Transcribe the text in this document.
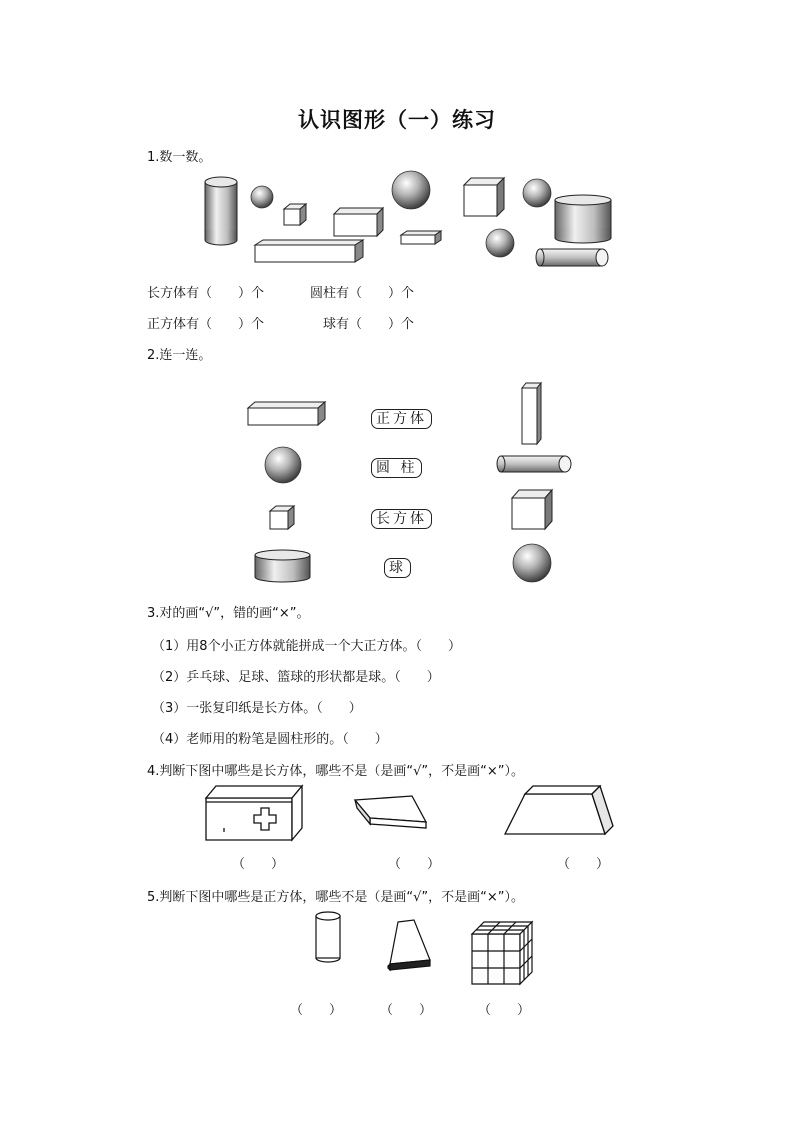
认识图形（一）练习
1.数一数。
长方体有（　　）个	圆柱有（　　）个
正方体有（　　）个	球有（　　）个
2.连一连。
正方体
圆 柱
长方体
球
3.对的画“√”，错的画“×”。
（1）用8个小正方体就能拼成一个大正方体。（　　）
（2）乒乓球、足球、篮球的形状都是球。（　　）
（3）一张复印纸是长方体。（　　）
（4）老师用的粉笔是圆柱形的。（　　）
4.判断下图中哪些是长方体，哪些不是（是画“√”，不是画“×”）。
（　　）	（　　）	（　　）
5.判断下图中哪些是正方体，哪些不是（是画“√”，不是画“×”）。
（　　）	（　　）	（　　）
